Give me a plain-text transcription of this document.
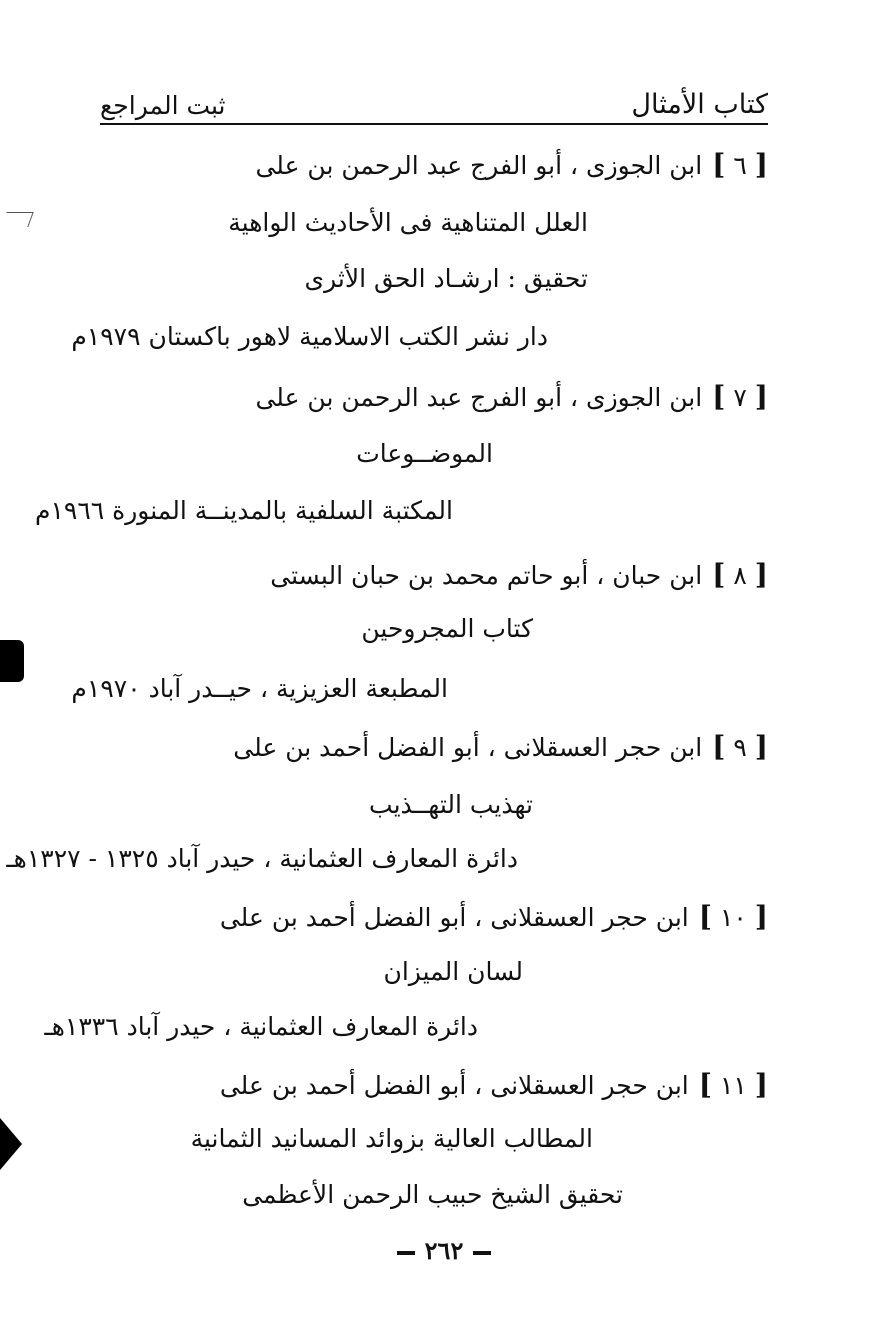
كتاب الأمثال
ثبت المراجع
[ ٦ ]ابن الجوزى ، أبو الفرج عبد الرحمن بن على
العلل المتناهية فى الأحاديث الواهية
تحقيق : ارشـاد الحق الأثرى
دار نشر الكتب الاسلامية لاهور باكستان ١٩٧٩م
[ ٧ ]ابن الجوزى ، أبو الفرج عبد الرحمن بن على
الموضــوعات
المكتبة السلفية بالمدينــة المنورة ١٩٦٦م
[ ٨ ]ابن حبان ، أبو حاتم محمد بن حبان البستى
كتاب المجروحين
المطبعة العزيزية ، حيــدر آباد ١٩٧٠م
[ ٩ ]ابن حجر العسقلانى ، أبو الفضل أحمد بن على
تهذيب التهــذيب
دائرة المعارف العثمانية ، حيدر آباد ١٣٢٥ - ١٣٢٧هـ
[ ١٠ ]ابن حجر العسقلانى ، أبو الفضل أحمد بن على
لسان الميزان
دائرة المعارف العثمانية ، حيدر آباد ١٣٣٦هـ
[ ١١ ]ابن حجر العسقلانى ، أبو الفضل أحمد بن على
المطالب العالية بزوائد المسانيد الثمانية
تحقيق الشيخ حبيب الرحمن الأعظمى
٢٦٢
